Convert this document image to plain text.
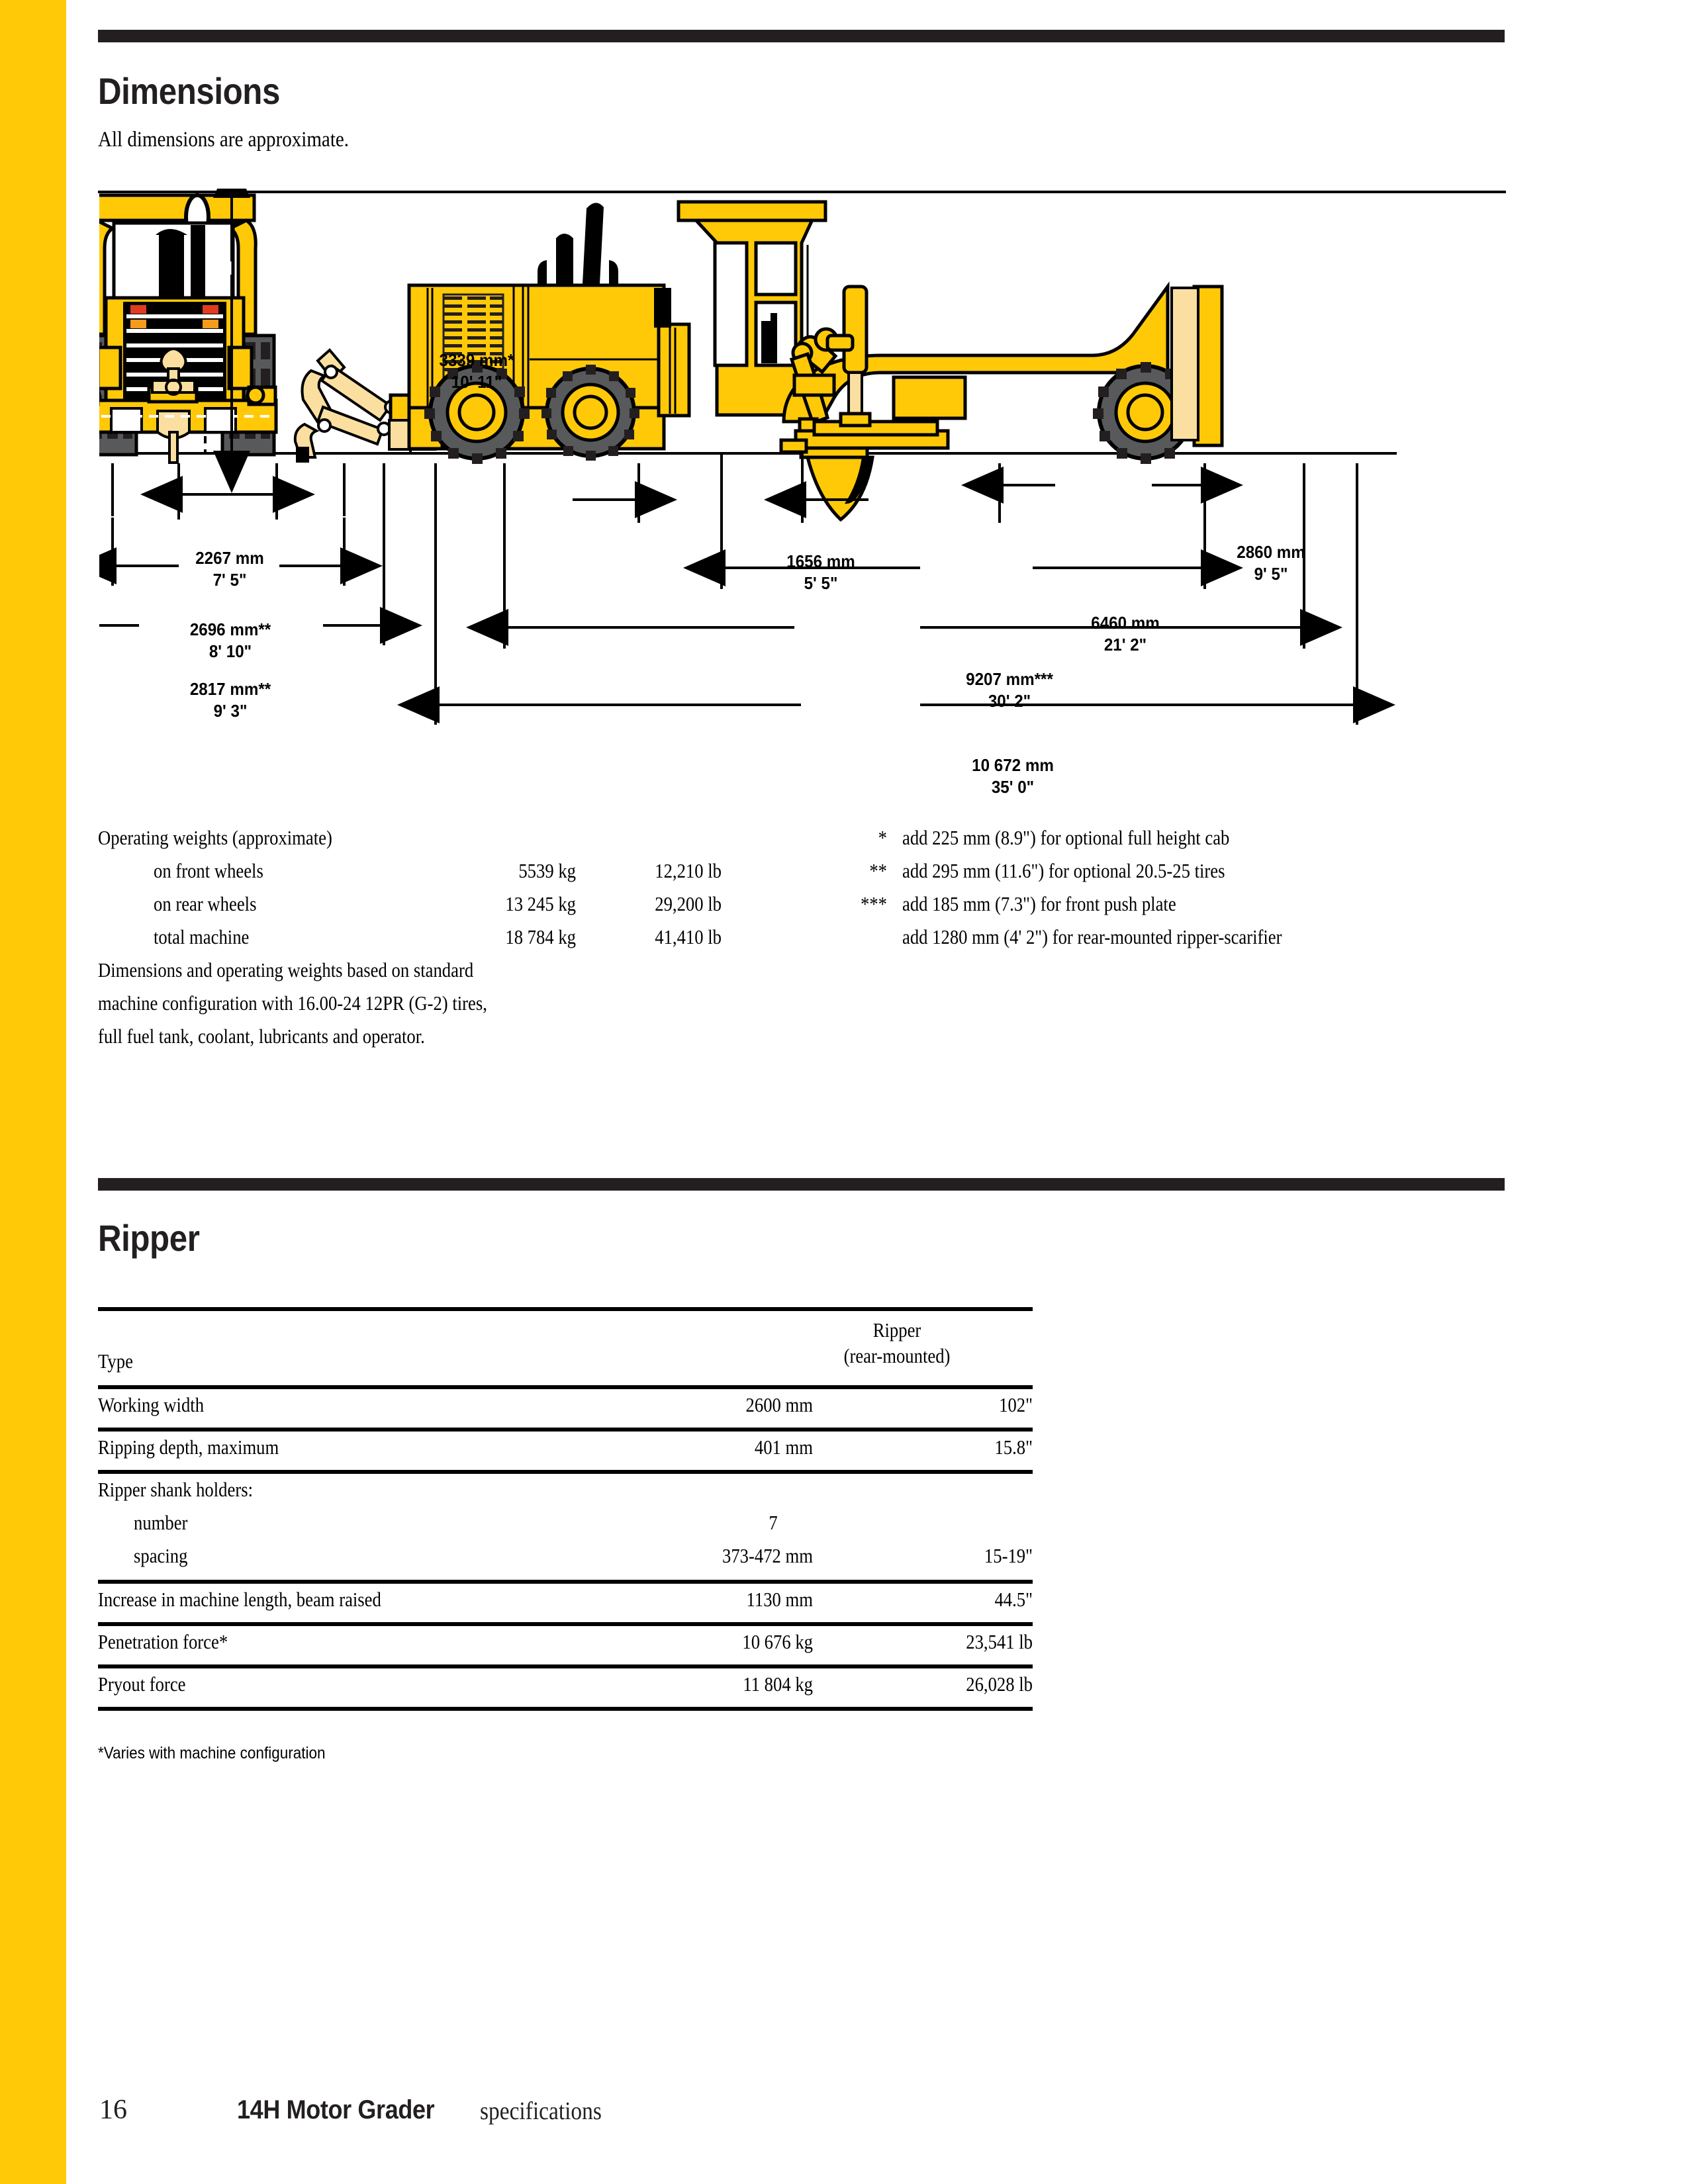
Dimensions
All dimensions are approximate.
3339 mm*
10' 11"
2267 mm
7' 5"
2696 mm**
8' 10"
2817 mm**
9' 3"
1656 mm
5' 5"
2860 mm
9' 5"
6460 mm
21' 2"
9207 mm***
30' 2"
10 672 mm
35' 0"
Operating weights (approximate)
on front wheels	5539 kg	12,210 lb
on rear wheels	13 245 kg	29,200 lb
total machine	18 784 kg	41,410 lb
Dimensions and operating weights based on standard
machine configuration with 16.00-24 12PR (G-2) tires,
full fuel tank, coolant, lubricants and operator.
* add 225 mm (8.9") for optional full height cab
** add 295 mm (11.6") for optional 20.5-25 tires
*** add 185 mm (7.3") for front push plate
add 1280 mm (4' 2") for rear-mounted ripper-scarifier
Ripper
Ripper
(rear-mounted)
Type
Working width	2600 mm	102"
Ripping depth, maximum	401 mm	15.8"
Ripper shank holders:
number	7
spacing	373-472 mm	15-19"
Increase in machine length, beam raised	1130 mm	44.5"
Penetration force*	10 676 kg	23,541 lb
Pryout force	11 804 kg	26,028 lb
*Varies with machine configuration
16	14H Motor Grader specifications
